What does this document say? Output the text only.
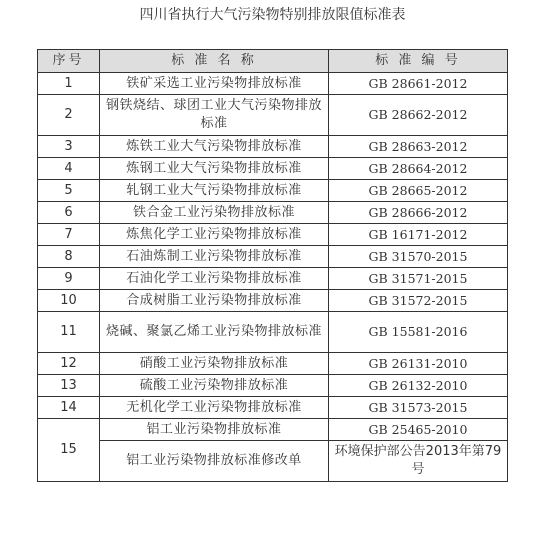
四川省执行大气污染物特别排放限值标准表
序号	标 准 名 称	标 准 编 号
1	铁矿采选工业污染物排放标准	GB 28661-2012
2	钢铁烧结、球团工业大气污染物排放标准	GB 28662-2012
3	炼铁工业大气污染物排放标准	GB 28663-2012
4	炼钢工业大气污染物排放标准	GB 28664-2012
5	轧钢工业大气污染物排放标准	GB 28665-2012
6	铁合金工业污染物排放标准	GB 28666-2012
7	炼焦化学工业污染物排放标准	GB 16171-2012
8	石油炼制工业污染物排放标准	GB 31570-2015
9	石油化学工业污染物排放标准	GB 31571-2015
10	合成树脂工业污染物排放标准	GB 31572-2015
11	烧碱、聚氯乙烯工业污染物排放标准	GB 15581-2016
12	硝酸工业污染物排放标准	GB 26131-2010
13	硫酸工业污染物排放标准	GB 26132-2010
14	无机化学工业污染物排放标准	GB 31573-2015
15	铝工业污染物排放标准	GB 25465-2010
	铝工业污染物排放标准修改单	环境保护部公告2013年第79号
